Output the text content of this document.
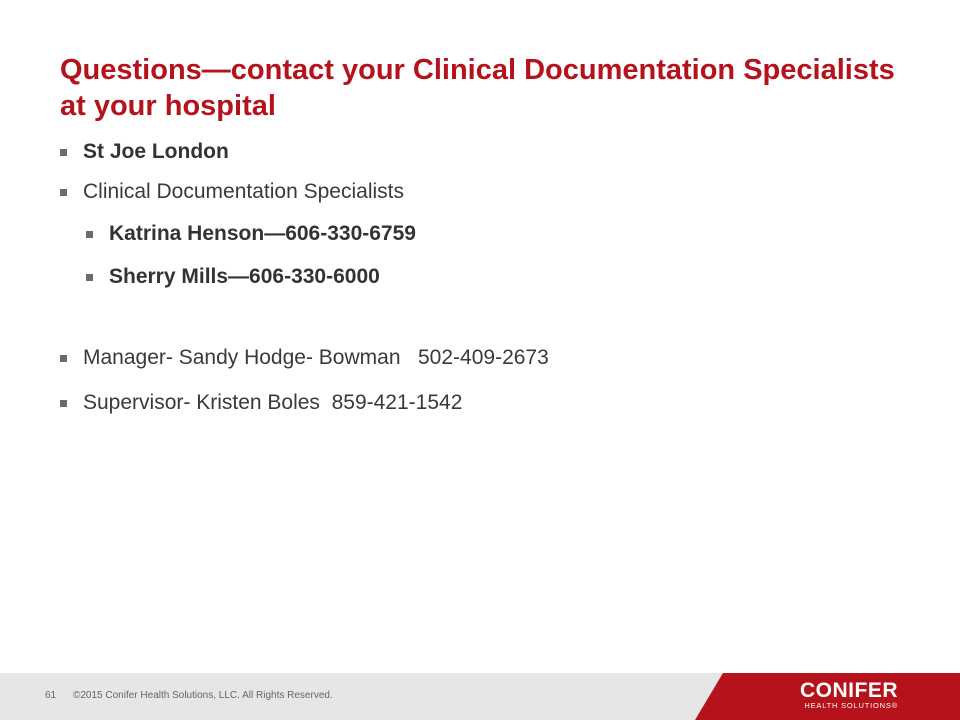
Questions—contact your Clinical Documentation Specialists at your hospital
St Joe London
Clinical Documentation Specialists
Katrina Henson—606-330-6759
Sherry Mills—606-330-6000
Manager- Sandy Hodge- Bowman   502-409-2673
Supervisor- Kristen Boles  859-421-1542
61 ©2015 Conifer Health Solutions, LLC. All Rights Reserved.	CONIFER
HEALTH SOLUTIONS®
